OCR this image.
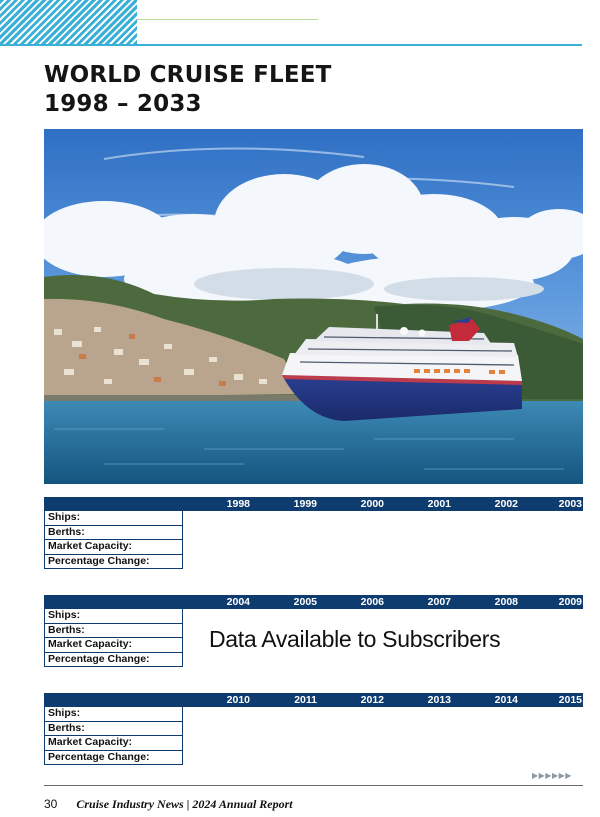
WORLD CRUISE FLEET
1998 – 2033
1998	1999	2000	2001	2002	2003
Ships:
Berths:
Market Capacity:
Percentage Change:
2004	2005	2006	2007	2008	2009
Ships:
Berths:
Market Capacity:
Percentage Change:
Data Available to Subscribers
2010	2011	2012	2013	2014	2015
Ships:
Berths:
Market Capacity:
Percentage Change:
▶▶▶▶▶▶
30 Cruise Industry News | 2024 Annual Report
